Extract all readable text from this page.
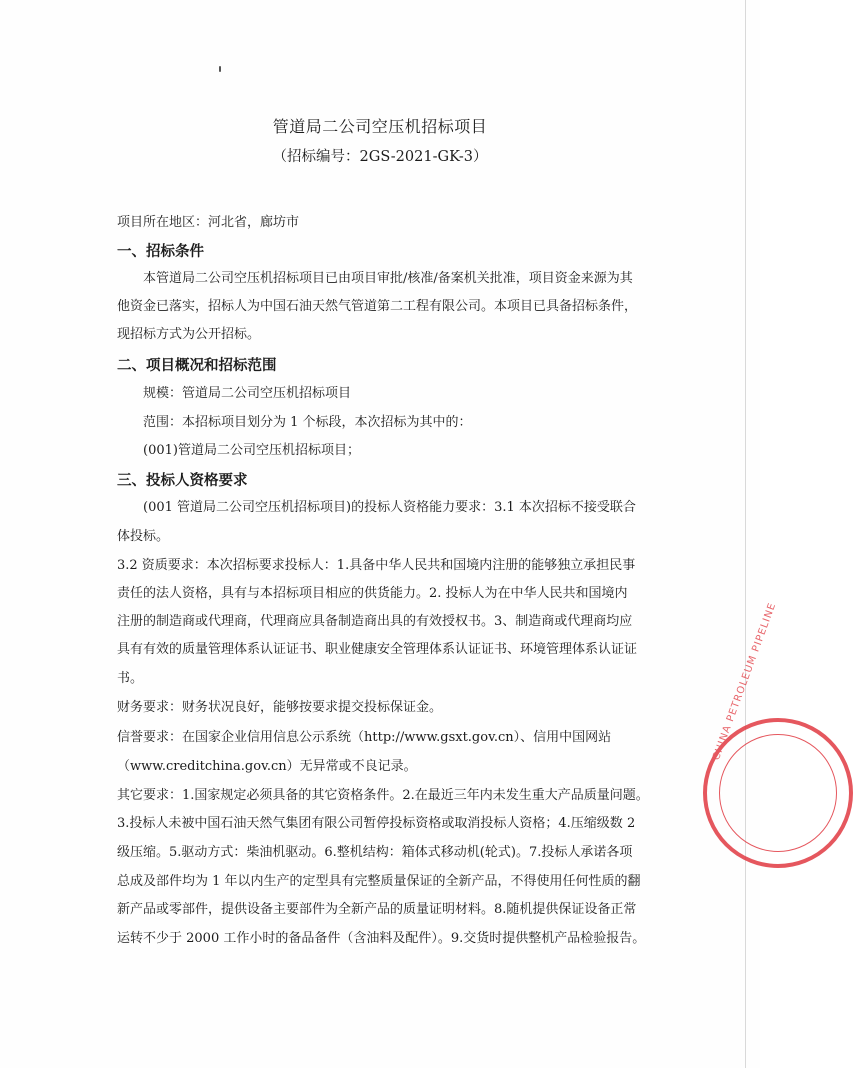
管道局二公司空压机招标项目
（招标编号：2GS-2021-GK-3）
项目所在地区：河北省，廊坊市
一、招标条件
本管道局二公司空压机招标项目已由项目审批/核准/备案机关批准，项目资金来源为其
他资金已落实，招标人为中国石油天然气管道第二工程有限公司。本项目已具备招标条件，
现招标方式为公开招标。
二、项目概况和招标范围
规模：管道局二公司空压机招标项目
范围：本招标项目划分为 1 个标段，本次招标为其中的：
(001)管道局二公司空压机招标项目；
三、投标人资格要求
(001 管道局二公司空压机招标项目)的投标人资格能力要求：3.1 本次招标不接受联合
体投标。
3.2 资质要求：本次招标要求投标人：1.具备中华人民共和国境内注册的能够独立承担民事
责任的法人资格，具有与本招标项目相应的供货能力。2. 投标人为在中华人民共和国境内
注册的制造商或代理商，代理商应具备制造商出具的有效授权书。3、制造商或代理商均应
具有有效的质量管理体系认证证书、职业健康安全管理体系认证证书、环境管理体系认证证
书。
财务要求：财务状况良好，能够按要求提交投标保证金。
信誉要求：在国家企业信用信息公示系统（http://www.gsxt.gov.cn）、信用中国网站
（www.creditchina.gov.cn）无异常或不良记录。
其它要求：1.国家规定必须具备的其它资格条件。2.在最近三年内未发生重大产品质量问题。
3.投标人未被中国石油天然气集团有限公司暂停投标资格或取消投标人资格；4.压缩级数 2
级压缩。5.驱动方式：柴油机驱动。6.整机结构：箱体式移动机(轮式)。7.投标人承诺各项
总成及部件均为 1 年以内生产的定型具有完整质量保证的全新产品，不得使用任何性质的翻
新产品或零部件，提供设备主要部件为全新产品的质量证明材料。8.随机提供保证设备正常
运转不少于 2000 工作小时的备品备件（含油料及配件）。9.交货时提供整机产品检验报告。
CHINA PETROLEUM PIPELINE
